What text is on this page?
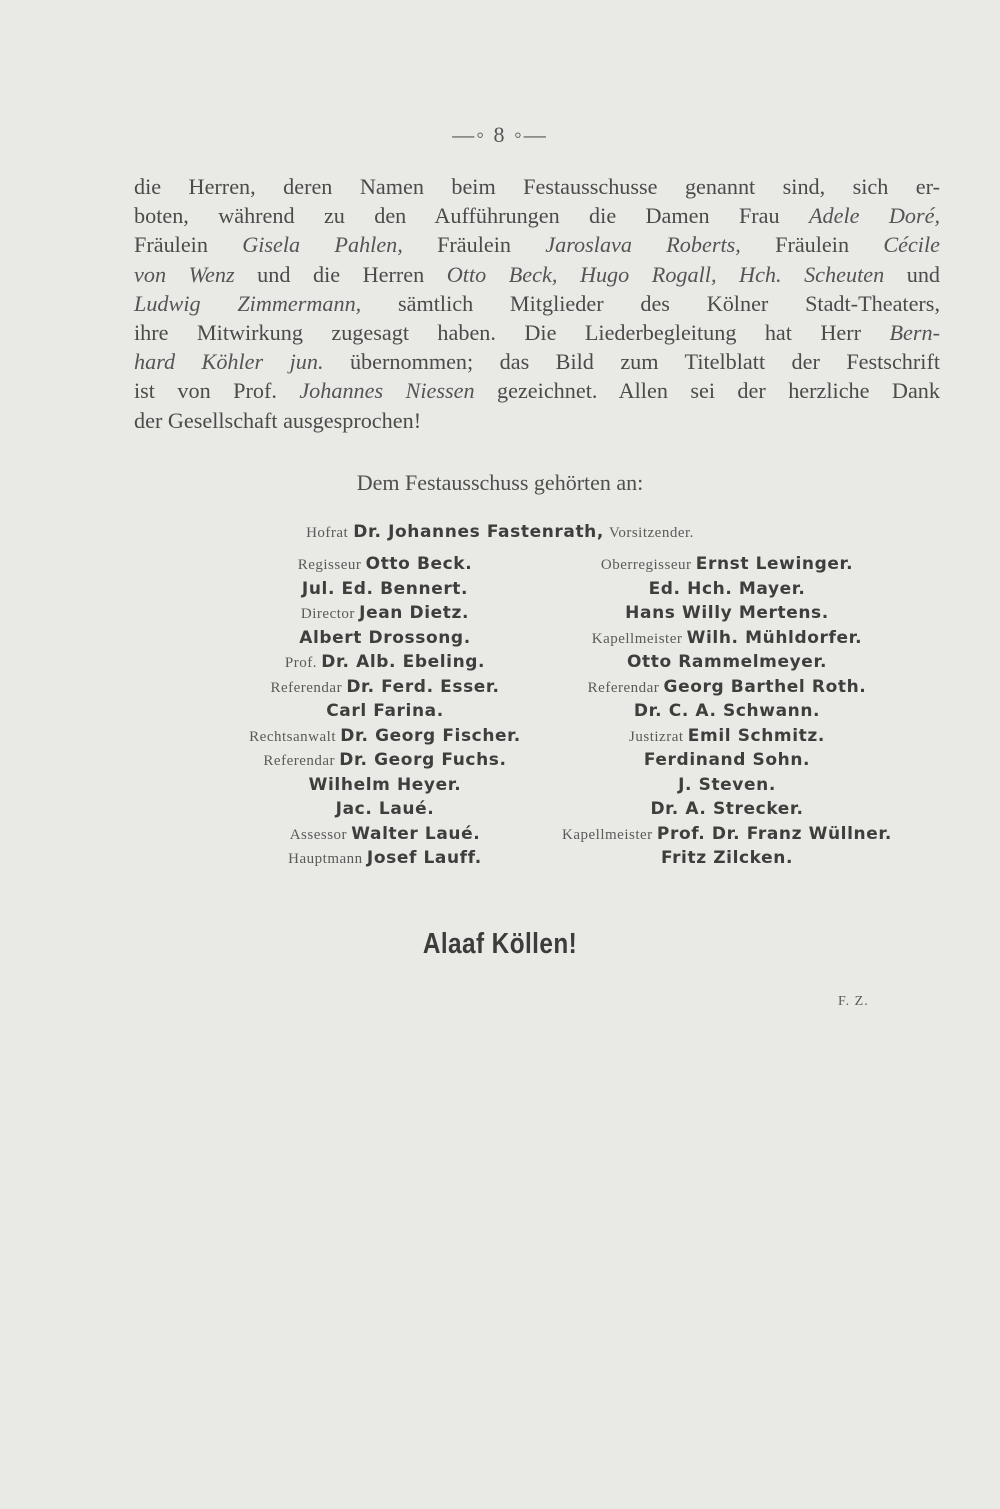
—◦ 8 ◦—
die Herren, deren Namen beim Festausschusse genannt sind, sich er-
boten, während zu den Aufführungen die Damen Frau Adele Doré,
Fräulein Gisela Pahlen, Fräulein Jaroslava Roberts, Fräulein Cécile
von Wenz und die Herren Otto Beck, Hugo Rogall, Hch. Scheuten und
Ludwig Zimmermann, sämtlich Mitglieder des Kölner Stadt-Theaters,
ihre Mitwirkung zugesagt haben. Die Liederbegleitung hat Herr Bern-
hard Köhler jun. übernommen; das Bild zum Titelblatt der Festschrift
ist von Prof. Johannes Niessen gezeichnet. Allen sei der herzliche Dank
der Gesellschaft ausgesprochen!
Dem Festausschuss gehörten an:
Hofrat Dr. Johannes Fastenrath, Vorsitzender.
Regisseur Otto Beck.
Jul. Ed. Bennert.
Director Jean Dietz.
Albert Drossong.
Prof. Dr. Alb. Ebeling.
Referendar Dr. Ferd. Esser.
Carl Farina.
Rechtsanwalt Dr. Georg Fischer.
Referendar Dr. Georg Fuchs.
Wilhelm Heyer.
Jac. Laué.
Assessor Walter Laué.
Hauptmann Josef Lauff.
Oberregisseur Ernst Lewinger.
Ed. Hch. Mayer.
Hans Willy Mertens.
Kapellmeister Wilh. Mühldorfer.
Otto Rammelmeyer.
Referendar Georg Barthel Roth.
Dr. C. A. Schwann.
Justizrat Emil Schmitz.
Ferdinand Sohn.
J. Steven.
Dr. A. Strecker.
Kapellmeister Prof. Dr. Franz Wüllner.
Fritz Zilcken.
Alaaf Köllen!
F. Z.
